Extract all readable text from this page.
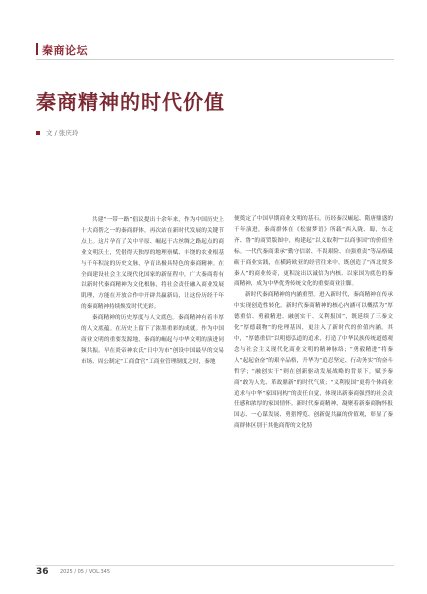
秦商论坛
秦商精神的时代价值
文 / 张庆玲

共建“一带一路”倡议提出十余年来，作为中国历史上十大商帮之一的秦商群体，再次站在新时代发展的关键节点上。这片孕育了关中平原、崛起于古丝绸之路起点的商业文明沃土，凭借得天独厚的地理禀赋、丰饶的农业根基与千年积淀的历史文脉，孕育出极具特色的秦商精神。在全面建设社会主义现代化国家的新征程中，广大秦商将有以新时代秦商精神为文化根脉，将社会责任融入商业发展肌理，方能在开放合作中开辟共赢新局，让这份历经千年的秦商精神持续焕发时代光彩。

秦商精神的历史厚度与人文底色。秦商精神有着丰厚的人文底蕴。在历史上留下了浓墨重彩的成就。作为中国商业文明的重要发源地，秦商的崛起与中华文明的演进同频共振。早在炎帝神农氏“日中为市”创设中国最早的交易市场、周公制定“工商食官”工商业管理制度之时，秦地

便奠定了中国早期商业文明的基石。历经秦汉崛起、隋唐鼎盛的千年演进，秦商群体在《松窗梦语》所载“西入陇、蜀，东走齐、鲁”的商贸版图中，构建起“以义取利”“以商事国”的价值坐标。一代代秦商秉承“勤守信诺、不畏艰险、自强重责”等品格砥砺于商业实践，在横跨欧亚的经营往来中，既创造了“西北贾多秦人”的商业传奇，更积淀出以诚信为内核、以家国为底色的秦商精神，成为中华优秀传统文化的重要商业注脚。

新时代秦商精神的内涵重塑。进入新时代，秦商精神在传承中实现创造性转化。新时代秦商精神的核心内涵可以概括为“厚德重信、勇毅精进、融创实干、义利报国”，既延续了三秦文化“厚德载物”的伦理基因，更注入了新时代的价值内涵。其中，“厚德重信”以明德弘道的追求，打造了中华民族传统道德观念与社会主义现代化商业文明的精神脉络；“勇毅精进”将秦人“起起奋奋”的艰辛品格，升华为“追忍坚定、行动务实”的奋斗哲学；“融创实干”则在创新驱动发展战略的背景下，赋予秦商“敢为人先、革故鼎新”的时代气质；“义利报国”更将个体商业追求与中华“家国同构”的责任自觉，体现出新秦商强烈的社会责任感和浓厚的家国情怀。新时代秦商精神，凝聚着新秦商胸怀报国志、一心谋发展、勇猎博览、创新促共赢的价值观，彰显了秦商群体区别于其他商帮的文化特

36 2025 / 05 / VOL.345
